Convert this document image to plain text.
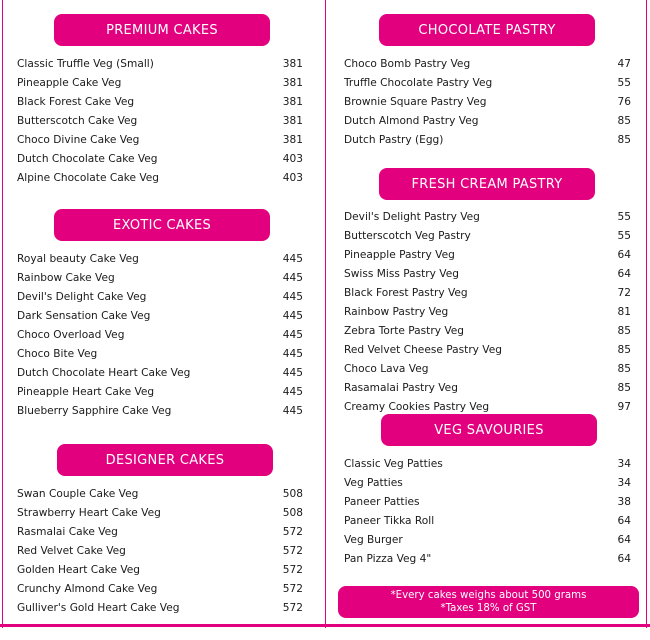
PREMIUM CAKES
Classic Truffle Veg (Small)	381
Pineapple Cake Veg	381
Black Forest Cake Veg	381
Butterscotch Cake Veg	381
Choco Divine Cake Veg	381
Dutch Chocolate Cake Veg	403
Alpine Chocolate Cake Veg	403
EXOTIC CAKES
Royal beauty Cake Veg	445
Rainbow Cake Veg	445
Devil's Delight Cake Veg	445
Dark Sensation Cake Veg	445
Choco Overload Veg	445
Choco Bite Veg	445
Dutch Chocolate Heart Cake Veg	445
Pineapple Heart Cake Veg	445
Blueberry Sapphire Cake Veg	445
DESIGNER CAKES
Swan Couple Cake Veg	508
Strawberry Heart Cake Veg	508
Rasmalai Cake Veg	572
Red Velvet Cake Veg	572
Golden Heart Cake Veg	572
Crunchy Almond Cake Veg	572
Gulliver's Gold Heart Cake Veg	572
CHOCOLATE PASTRY
Choco Bomb Pastry Veg	47
Truffle Chocolate Pastry Veg	55
Brownie Square Pastry Veg	76
Dutch Almond Pastry Veg	85
Dutch Pastry (Egg)	85
FRESH CREAM PASTRY
Devil's Delight Pastry Veg	55
Butterscotch Veg Pastry	55
Pineapple Pastry Veg	64
Swiss Miss Pastry Veg	64
Black Forest Pastry Veg	72
Rainbow Pastry Veg	81
Zebra Torte Pastry Veg	85
Red Velvet Cheese Pastry Veg	85
Choco Lava Veg	85
Rasamalai Pastry Veg	85
Creamy Cookies Pastry Veg	97
VEG SAVOURIES
Classic Veg Patties	34
Veg Patties	34
Paneer Patties	38
Paneer Tikka Roll	64
Veg Burger	64
Pan Pizza Veg 4"	64
*Every cakes weighs about 500 grams
*Taxes 18% of GST
